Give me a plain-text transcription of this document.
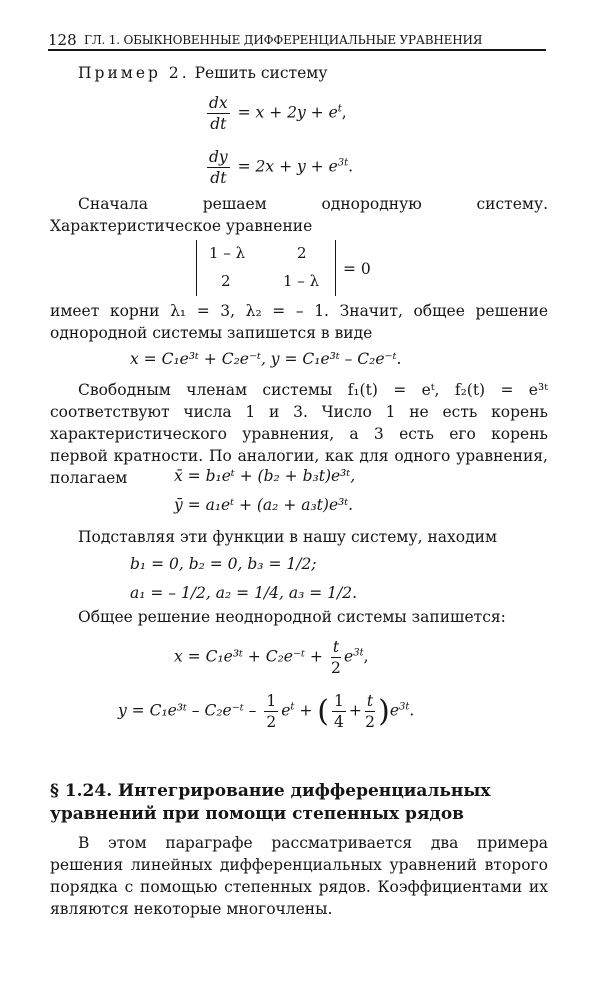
128 ГЛ. 1. ОБЫКНОВЕННЫЕ ДИФФЕРЕНЦИАЛЬНЫЕ УРАВНЕНИЯ
Пример 2. Решить систему
$\frac{dx}{dt} = x + 2y + e^t$,
$\frac{dy}{dt} = 2x + y + e^{3t}$.
Сначала решаем однородную систему. Характеристическое уравнение
1 – λ	2
2	1 – λ
= 0
имеет корни λ₁ = 3, λ₂ = – 1. Значит, общее решение однородной системы запишется в виде
x = C₁e³ᵗ + C₂e⁻ᵗ, y = C₁e³ᵗ – C₂e⁻ᵗ.
Свободным членам системы f₁(t) = eᵗ, f₂(t) = e³ᵗ соответствуют числа 1 и 3. Число 1 не есть корень характеристического уравнения, а 3 есть его корень первой кратности. По аналогии, как для одного уравнения, полагаем	x̄ = b₁eᵗ + (b₂ + b₃t)e³ᵗ,
ȳ = a₁eᵗ + (a₂ + a₃t)e³ᵗ.
Подставляя эти функции в нашу систему, находим
b₁ = 0, b₂ = 0, b₃ = 1/2;
a₁ = – 1/2, a₂ = 1/4, a₃ = 1/2.
Общее решение неоднородной системы запишется:
x = C₁e³ᵗ + C₂e⁻ᵗ + $\frac{t}{2} e^{3t}$,
y = C₁e³ᵗ – C₂e⁻ᵗ – $\frac{1}{2} e^t$ + ( $\frac{1}{4} + \frac{t}{2} )e^{3t}$.
§ 1.24. Интегрирование дифференциальных уравнений при помощи степенных рядов
В этом параграфе рассматривается два примера решения линейных дифференциальных уравнений второго порядка с помощью степенных рядов. Коэффициентами их являются некоторые многочлены.
